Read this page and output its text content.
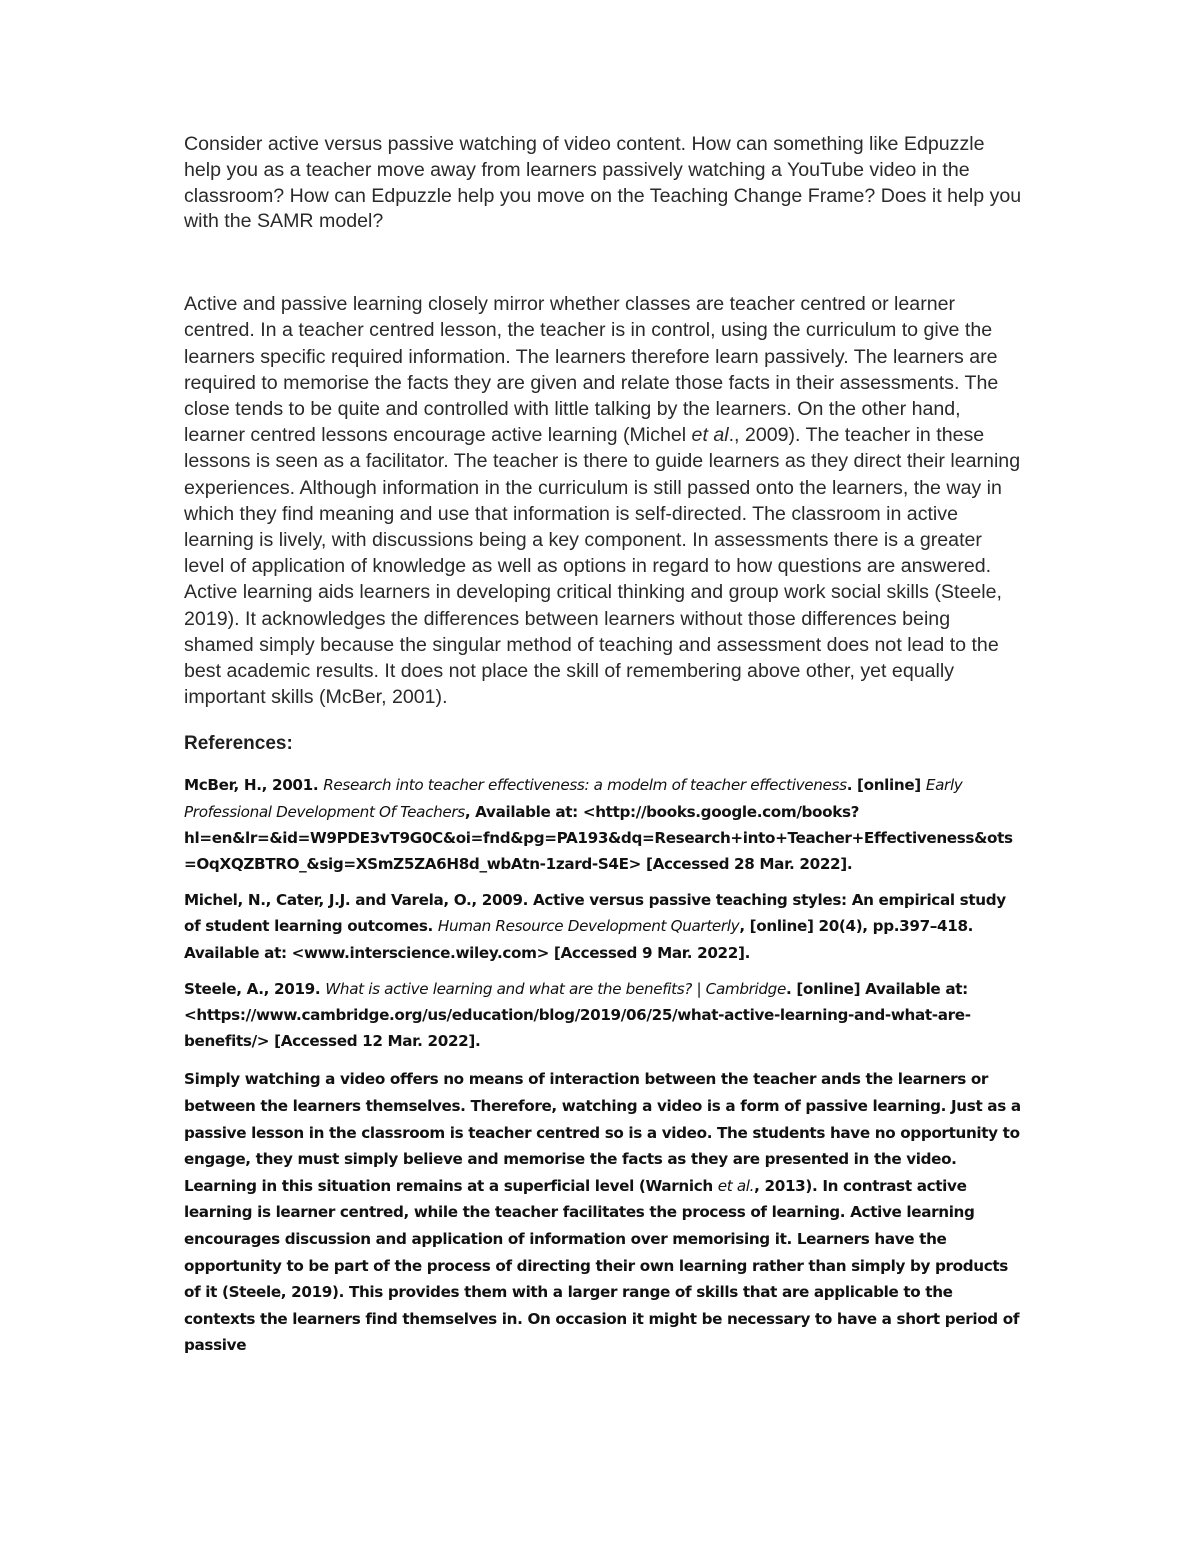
Consider active versus passive watching of video content. How can something like Edpuzzle help you as a teacher move away from learners passively watching a YouTube video in the classroom? How can Edpuzzle help you move on the Teaching Change Frame? Does it help you with the SAMR model?

Active and passive learning closely mirror whether classes are teacher centred or learner centred. In a teacher centred lesson, the teacher is in control, using the curriculum to give the learners specific required information. The learners therefore learn passively. The learners are required to memorise the facts they are given and relate those facts in their assessments. The close tends to be quite and controlled with little talking by the learners. On the other hand, learner centred lessons encourage active learning (Michel et al., 2009). The teacher in these lessons is seen as a facilitator. The teacher is there to guide learners as they direct their learning experiences. Although information in the curriculum is still passed onto the learners, the way in which they find meaning and use that information is self-directed. The classroom in active learning is lively, with discussions being a key component. In assessments there is a greater level of application of knowledge as well as options in regard to how questions are answered. Active learning aids learners in developing critical thinking and group work social skills (Steele, 2019). It acknowledges the differences between learners without those differences being shamed simply because the singular method of teaching and assessment does not lead to the best academic results. It does not place the skill of remembering above other, yet equally important skills (McBer, 2001).

References:

McBer, H., 2001. Research into teacher effectiveness: a modelm of teacher effectiveness. [online] Early Professional Development Of Teachers, Available at: <http://books.google.com/books?hl=en&lr=&id=W9PDE3vT9G0C&oi=fnd&pg=PA193&dq=Research+into+Teacher+Effectiveness&ots=OqXQZBTRO_&sig=XSmZ5ZA6H8d_wbAtn-1zard-S4E> [Accessed 28 Mar. 2022].

Michel, N., Cater, J.J. and Varela, O., 2009. Active versus passive teaching styles: An empirical study of student learning outcomes. Human Resource Development Quarterly, [online] 20(4), pp.397–418. Available at: <www.interscience.wiley.com> [Accessed 9 Mar. 2022].

Steele, A., 2019. What is active learning and what are the benefits? | Cambridge. [online] Available at: <https://www.cambridge.org/us/education/blog/2019/06/25/what-active-learning-and-what-are-benefits/> [Accessed 12 Mar. 2022].

Simply watching a video offers no means of interaction between the teacher ands the learners or between the learners themselves. Therefore, watching a video is a form of passive learning. Just as a passive lesson in the classroom is teacher centred so is a video. The students have no opportunity to engage, they must simply believe and memorise the facts as they are presented in the video. Learning in this situation remains at a superficial level (Warnich et al., 2013). In contrast active learning is learner centred, while the teacher facilitates the process of learning. Active learning encourages discussion and application of information over memorising it. Learners have the opportunity to be part of the process of directing their own learning rather than simply by products of it (Steele, 2019). This provides them with a larger range of skills that are applicable to the contexts the learners find themselves in. On occasion it might be necessary to have a short period of passive
